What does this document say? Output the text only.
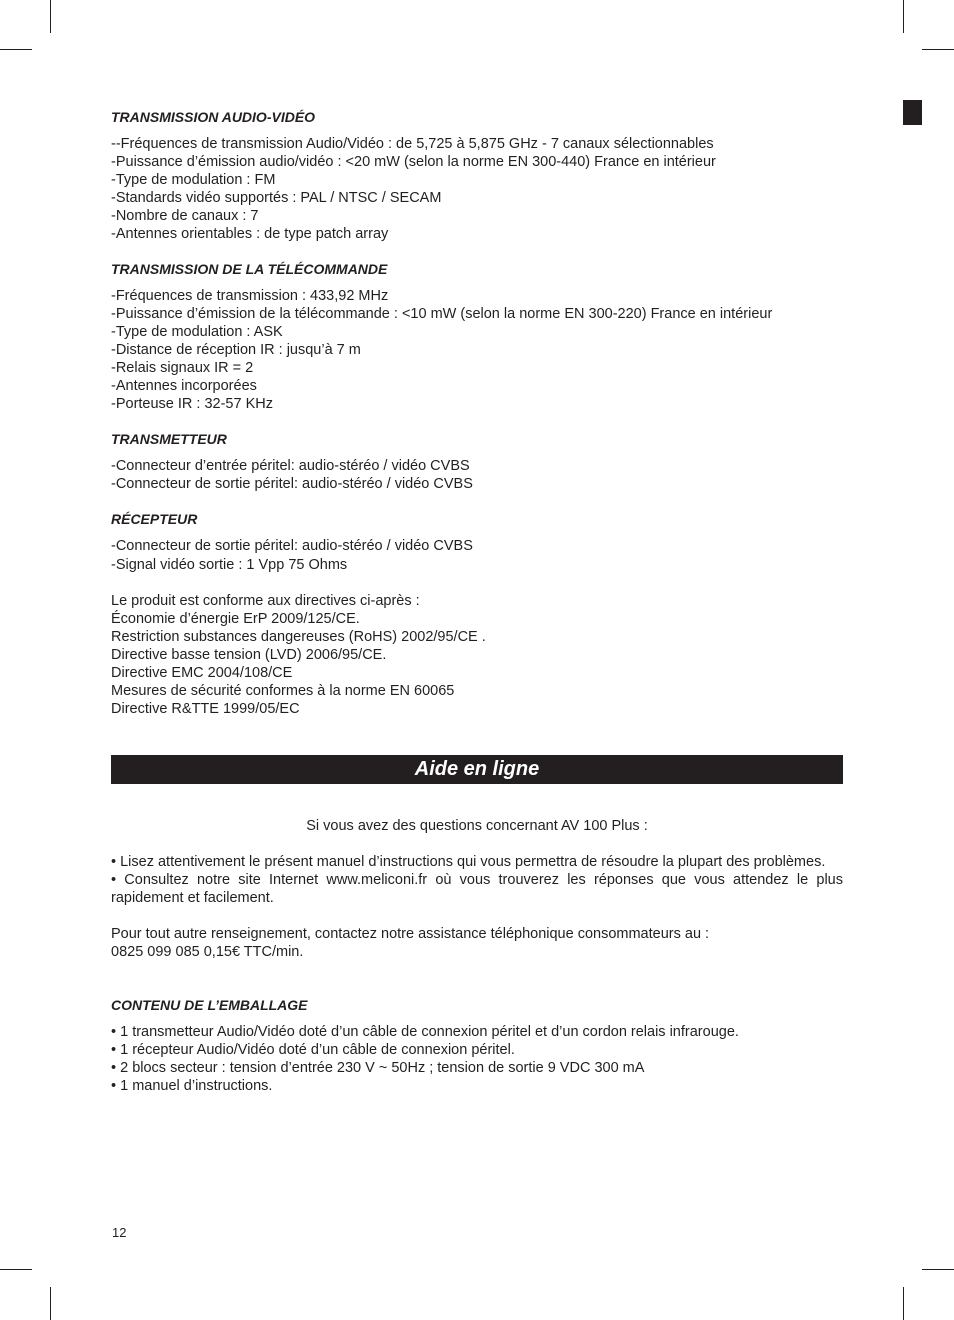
TRANSMISSION AUDIO-VIDÉO
--Fréquences de transmission Audio/Vidéo : de 5,725 à 5,875 GHz - 7 canaux sélectionnables
-Puissance d’émission audio/vidéo : <20 mW (selon la norme EN 300-440) France en intérieur
-Type de modulation : FM
-Standards vidéo supportés : PAL / NTSC / SECAM
-Nombre de canaux : 7
-Antennes orientables : de type patch array
TRANSMISSION DE LA TÉLÉCOMMANDE
-Fréquences de transmission : 433,92 MHz
-Puissance d’émission de la télécommande : <10 mW (selon la norme EN 300-220) France en intérieur
-Type de modulation : ASK
-Distance de réception IR : jusqu’à 7 m
-Relais signaux IR = 2
-Antennes incorporées
-Porteuse IR : 32-57 KHz
TRANSMETTEUR
-Connecteur d’entrée péritel: audio-stéréo / vidéo CVBS
-Connecteur de sortie péritel: audio-stéréo / vidéo CVBS
RÉCEPTEUR
-Connecteur de sortie péritel: audio-stéréo / vidéo CVBS
-Signal vidéo sortie : 1 Vpp 75 Ohms
Le produit est conforme aux directives ci-après :
Économie d’énergie ErP 2009/125/CE.
Restriction substances dangereuses (RoHS) 2002/95/CE .
Directive basse tension (LVD) 2006/95/CE.
Directive EMC 2004/108/CE
Mesures de sécurité conformes à la norme EN 60065
Directive R&TTE 1999/05/EC
Aide en ligne

Si vous avez des questions concernant AV 100 Plus :

• Lisez attentivement le présent manuel d’instructions qui vous permettra de résoudre la plupart des problèmes.

• Consultez notre site Internet www.meliconi.fr où vous trouverez les réponses que vous attendez le plus rapidement et facilement.

Pour tout autre renseignement, contactez notre assistance téléphonique consommateurs au :

0825 099 085 0,15€ TTC/min.

CONTENU DE L’EMBALLAGE
• 1 transmetteur Audio/Vidéo doté d’un câble de connexion péritel et d’un cordon relais infrarouge.
• 1 récepteur Audio/Vidéo doté d’un câble de connexion péritel.
• 2 blocs secteur : tension d’entrée 230 V ~ 50Hz ; tension de sortie 9 VDC 300 mA
• 1 manuel d’instructions.
12
